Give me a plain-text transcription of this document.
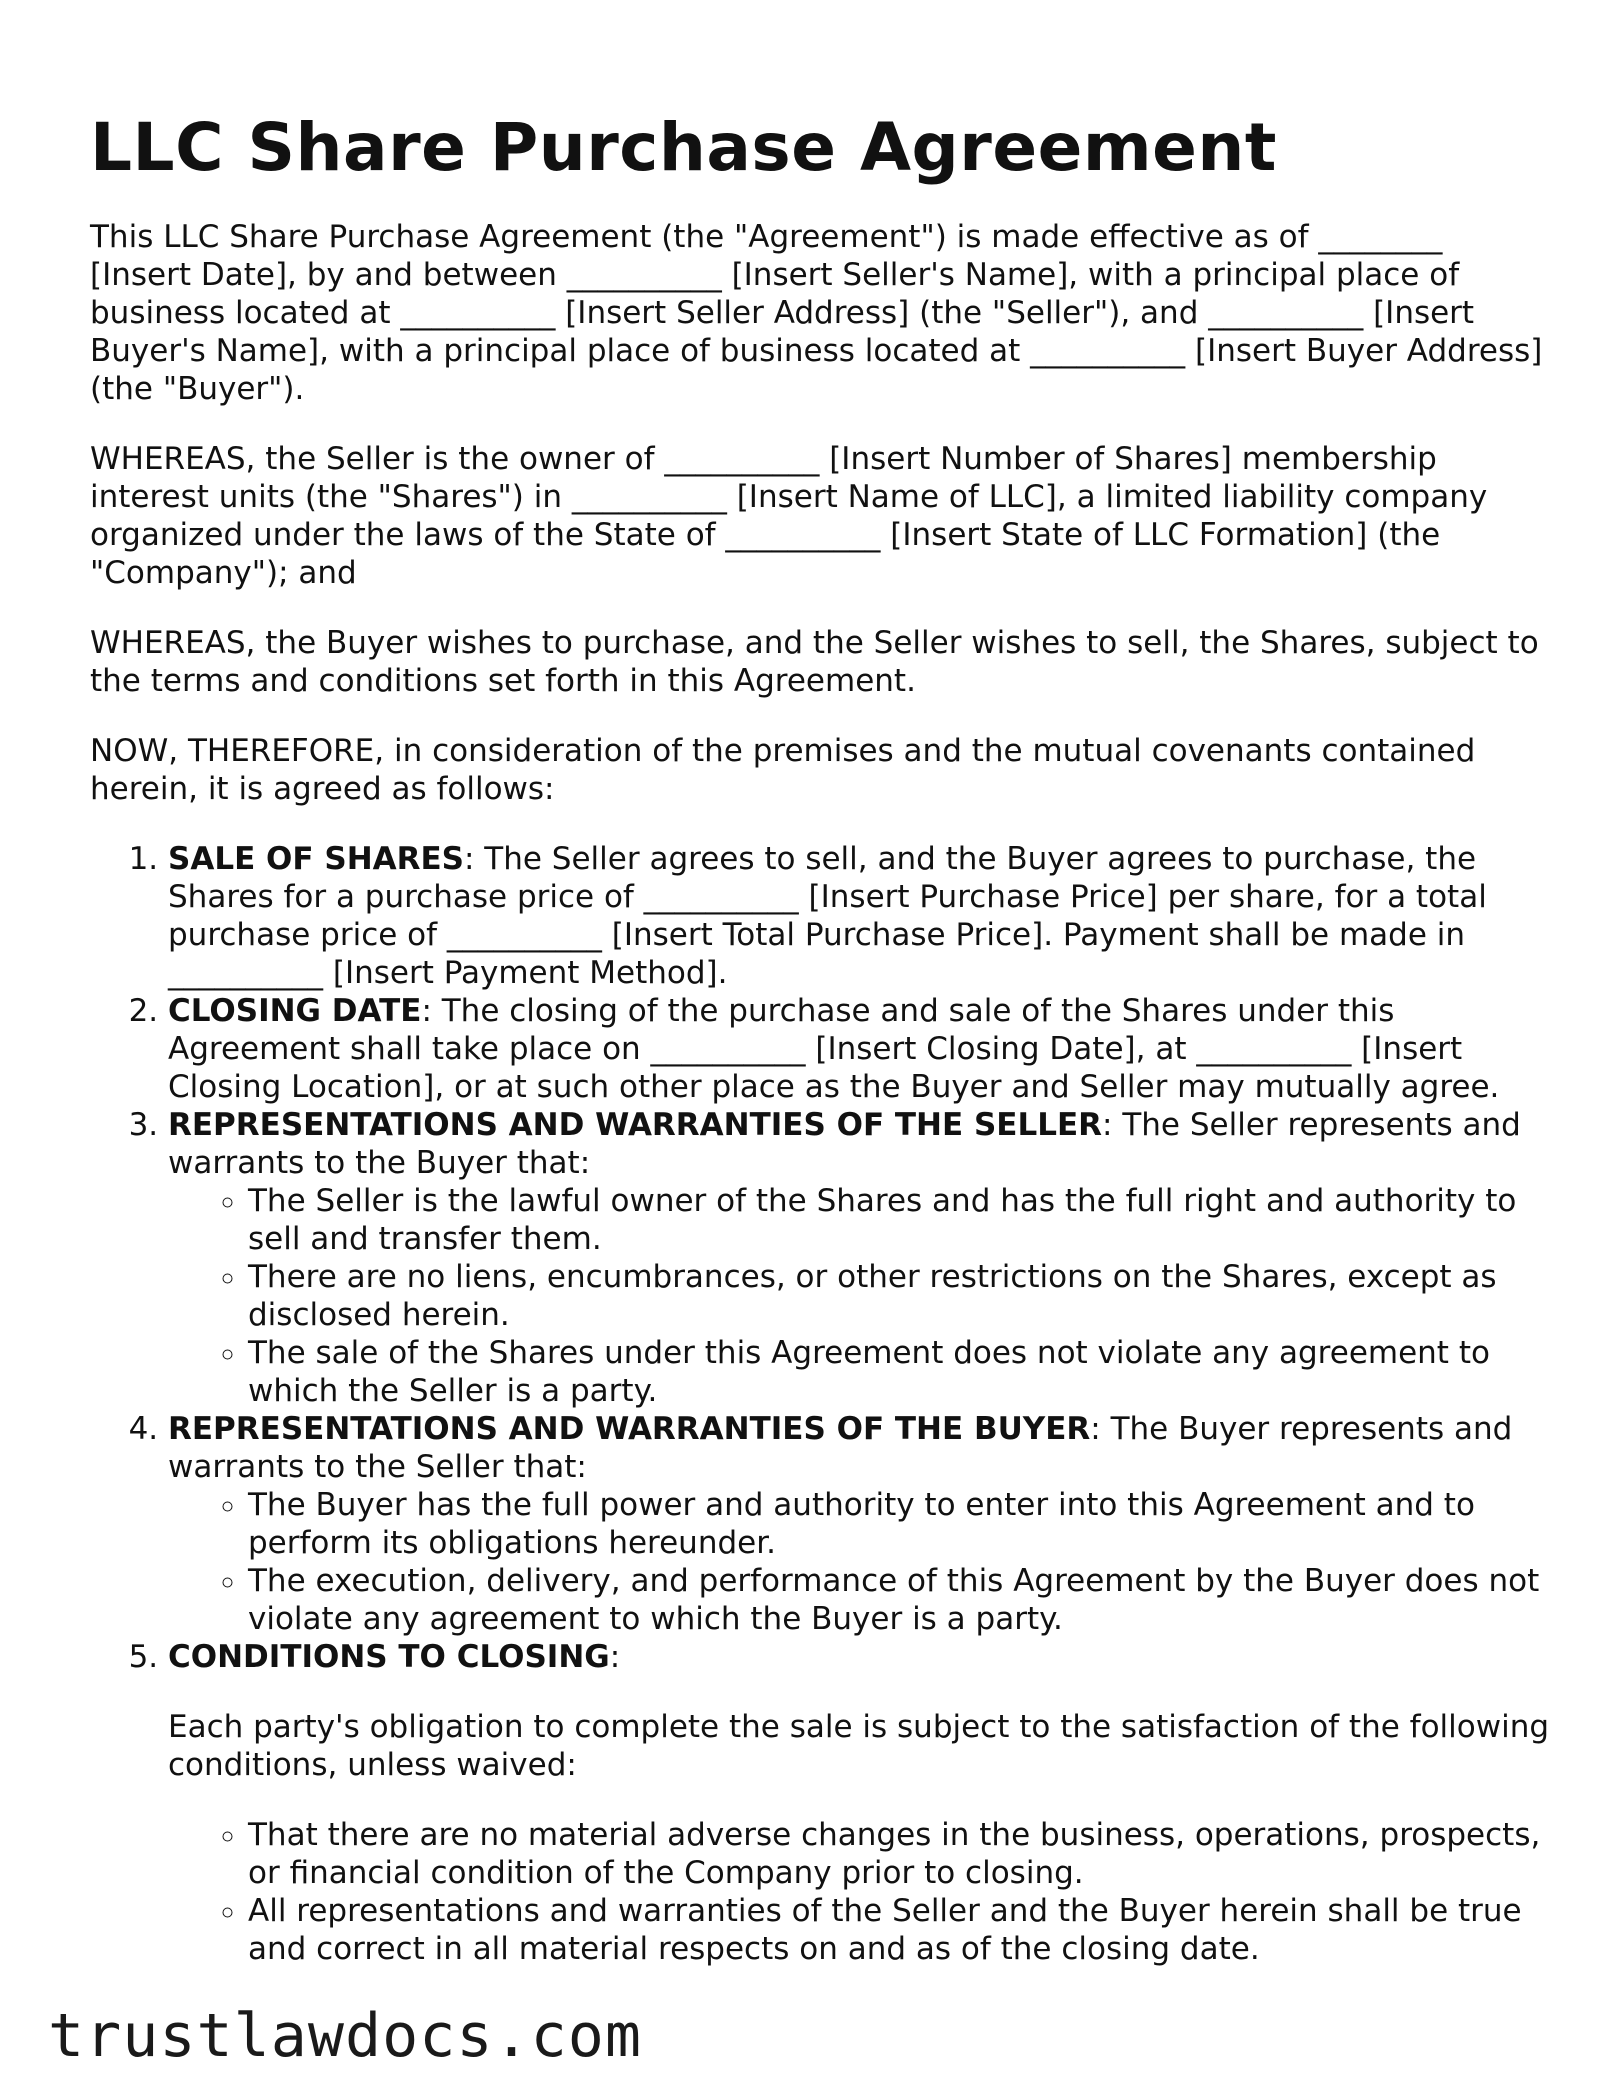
LLC Share Purchase Agreement

This LLC Share Purchase Agreement (the "Agreement") is made effective as of ________ [Insert Date], by and between __________ [Insert Seller's Name], with a principal place of business located at __________ [Insert Seller Address] (the "Seller"), and __________ [Insert Buyer's Name], with a principal place of business located at __________ [Insert Buyer Address] (the "Buyer").

WHEREAS, the Seller is the owner of __________ [Insert Number of Shares] membership interest units (the "Shares") in __________ [Insert Name of LLC], a limited liability company organized under the laws of the State of __________ [Insert State of LLC Formation] (the "Company"); and

WHEREAS, the Buyer wishes to purchase, and the Seller wishes to sell, the Shares, subject to the terms and conditions set forth in this Agreement.

NOW, THEREFORE, in consideration of the premises and the mutual covenants contained herein, it is agreed as follows:

1. SALE OF SHARES: The Seller agrees to sell, and the Buyer agrees to purchase, the Shares for a purchase price of __________ [Insert Purchase Price] per share, for a total purchase price of __________ [Insert Total Purchase Price]. Payment shall be made in __________ [Insert Payment Method].
2. CLOSING DATE: The closing of the purchase and sale of the Shares under this Agreement shall take place on __________ [Insert Closing Date], at __________ [Insert Closing Location], or at such other place as the Buyer and Seller may mutually agree.
3. REPRESENTATIONS AND WARRANTIES OF THE SELLER: The Seller represents and warrants to the Buyer that:
◦ The Seller is the lawful owner of the Shares and has the full right and authority to sell and transfer them.
◦ There are no liens, encumbrances, or other restrictions on the Shares, except as disclosed herein.
◦ The sale of the Shares under this Agreement does not violate any agreement to which the Seller is a party.
4. REPRESENTATIONS AND WARRANTIES OF THE BUYER: The Buyer represents and warrants to the Seller that:
◦ The Buyer has the full power and authority to enter into this Agreement and to perform its obligations hereunder.
◦ The execution, delivery, and performance of this Agreement by the Buyer does not violate any agreement to which the Buyer is a party.
5. CONDITIONS TO CLOSING:
Each party's obligation to complete the sale is subject to the satisfaction of the following conditions, unless waived:
◦ That there are no material adverse changes in the business, operations, prospects, or financial condition of the Company prior to closing.
◦ All representations and warranties of the Seller and the Buyer herein shall be true and correct in all material respects on and as of the closing date.
trustlawdocs.com
